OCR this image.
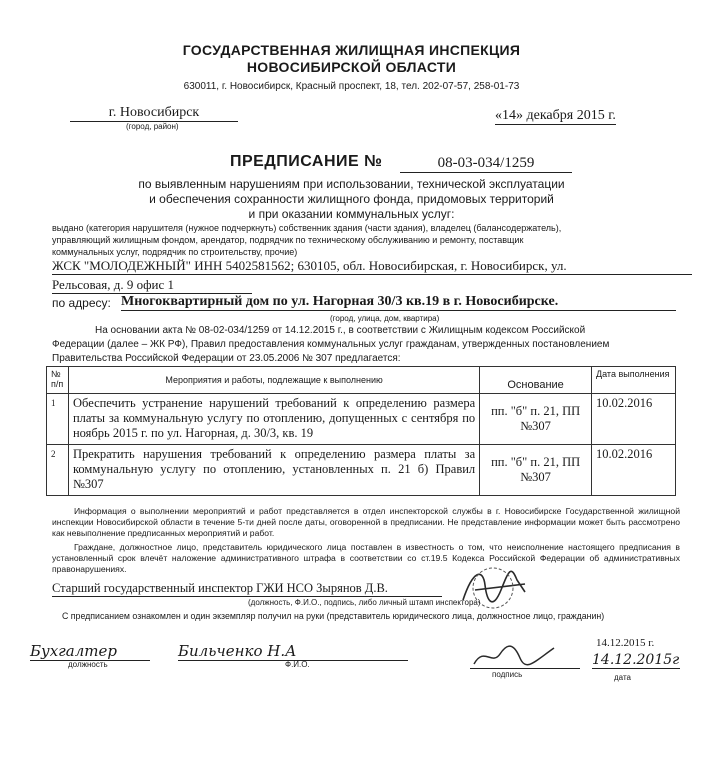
ГОСУДАРСТВЕННАЯ ЖИЛИЩНАЯ ИНСПЕКЦИЯ
НОВОСИБИРСКОЙ ОБЛАСТИ
630011, г. Новосибирск, Красный проспект, 18, тел. 202-07-57, 258-01-73
г. Новосибирск
(город, район)
«14» декабря 2015 г.
ПРЕДПИСАНИЕ №	08-03-034/1259
по выявленным нарушениям при использовании, технической эксплуатации
и обеспечения сохранности жилищного фонда, придомовых территорий
и при оказании коммунальных услуг:
выдано (категория нарушителя (нужное подчеркнуть) собственник здания (части здания), владелец (балансодержатель),
управляющий жилищным фондом, арендатор, подрядчик по техническому обслуживанию и ремонту, поставщик
коммунальных услуг, подрядчик по строительству, прочие)
ЖСК "МОЛОДЕЖНЫЙ" ИНН 5402581562; 630105, обл. Новосибирская, г. Новосибирск, ул.
Рельсовая, д. 9 офис 1
по адресу: Многоквартирный дом по ул. Нагорная 30/3 кв.19 в г. Новосибирске.
(город, улица, дом, квартира)
На основании акта № 08-02-034/1259 от 14.12.2015 г., в соответствии с Жилищным кодексом Российской
Федерации (далее – ЖК РФ), Правил предоставления коммунальных услуг гражданам, утвержденных постановлением
Правительства Российской Федерации от 23.05.2006 № 307 предлагается:
№ п/п	Мероприятия и работы, подлежащие к выполнению	Основание	Дата выполнения
1	Обеспечить устранение нарушений требований к определению размера платы за коммунальную услугу по отоплению, допущенных с сентября по ноябрь 2015 г. по ул. Нагорная, д. 30/3, кв. 19	пп. "б" п. 21, ПП №307	10.02.2016
2	Прекратить нарушения требований к определению размера платы за коммунальную услугу по отоплению, установленных п. 21 б) Правил №307	пп. "б" п. 21, ПП №307	10.02.2016
Информация о выполнении мероприятий и работ представляется в отдел инспекторской службы в г. Новосибирске Государственной жилищной инспекции Новосибирской области в течение 5-ти дней после даты, оговоренной в предписании. Не представление информации может быть рассмотрено как невыполнение предписанных мероприятий и работ.
Граждане, должностное лицо, представитель юридического лица поставлен в известность о том, что неисполнение настоящего предписания в установленный срок влечёт наложение административного штрафа в соответствии со ст.19.5 Кодекса Российской Федерации об административных правонарушениях.
Старший государственный инспектор ГЖИ НСО Зырянов Д.В.
(должность, Ф.И.О., подпись, либо личный штамп инспектора)
С предписанием ознакомлен и один экземпляр получил на руки (представитель юридического лица, должностное лицо, гражданин)
Бухгалтер
должность
Бильченко Н.А
Ф.И.О.
подпись
14.12.2015 г.
14.12.2015г
дата
